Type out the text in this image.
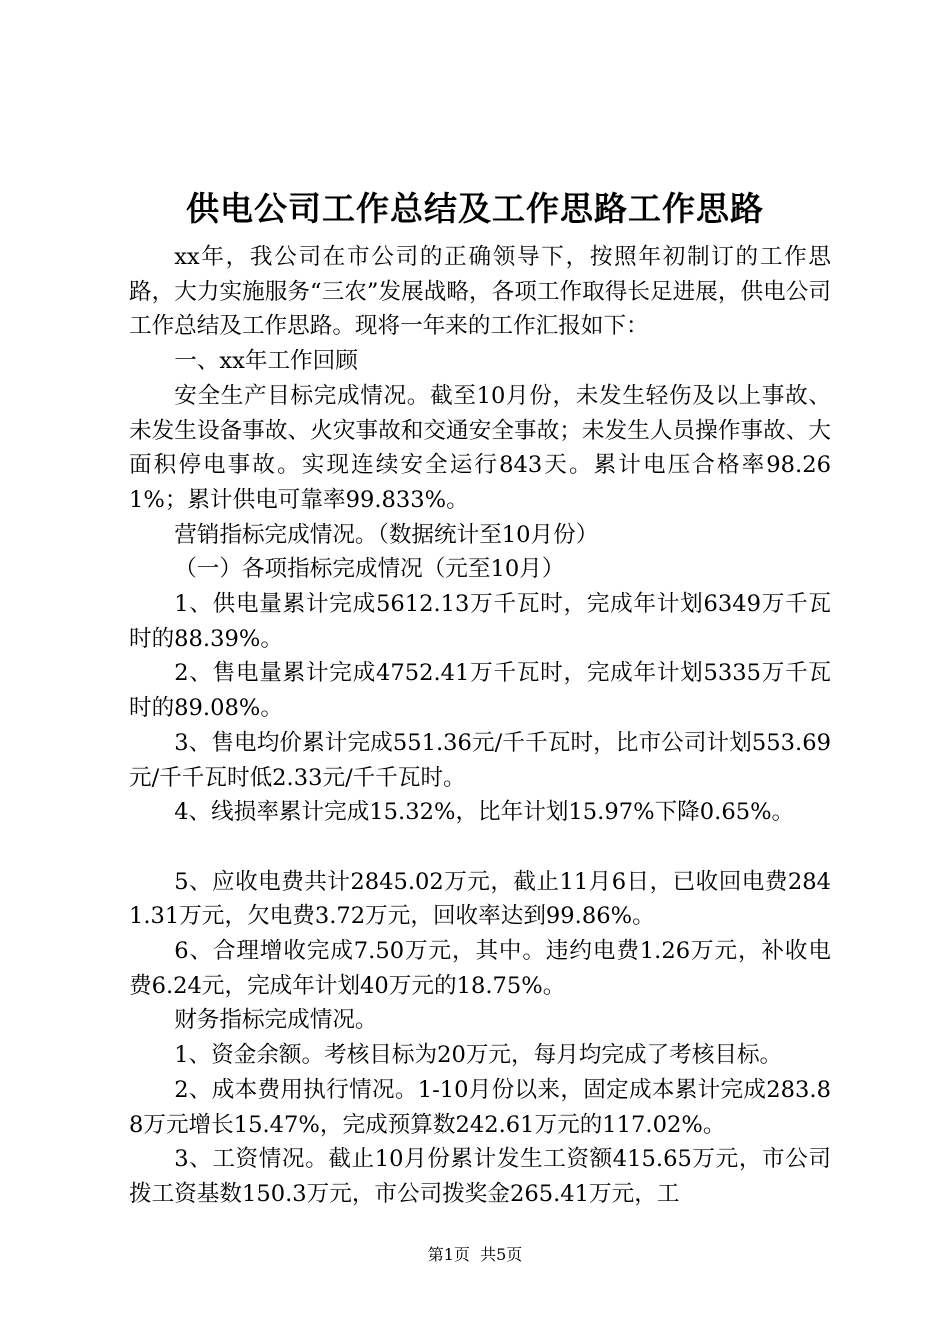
供电公司工作总结及工作思路工作思路

xx年，我公司在市公司的正确领导下，按照年初制订的工作思路，大力实施服务“三农”发展战略，各项工作取得长足进展，供电公司工作总结及工作思路。现将一年来的工作汇报如下：

一、xx年工作回顾

安全生产目标完成情况。截至10月份，未发生轻伤及以上事故、未发生设备事故、火灾事故和交通安全事故；未发生人员操作事故、大面积停电事故。实现连续安全运行843天。累计电压合格率98.261%；累计供电可靠率99.833%。

营销指标完成情况。（数据统计至10月份）

（一）各项指标完成情况（元至10月）

1、供电量累计完成5612.13万千瓦时，完成年计划6349万千瓦时的88.39%。

2、售电量累计完成4752.41万千瓦时，完成年计划5335万千瓦时的89.08%。

3、售电均价累计完成551.36元/千千瓦时，比市公司计划553.69元/千千瓦时低2.33元/千千瓦时。

4、线损率累计完成15.32%，比年计划15.97%下降0.65%。

5、应收电费共计2845.02万元，截止11月6日，已收回电费2841.31万元，欠电费3.72万元，回收率达到99.86%。

6、合理增收完成7.50万元，其中。违约电费1.26万元，补收电费6.24元，完成年计划40万元的18.75%。

财务指标完成情况。

1、资金余额。考核目标为20万元，每月均完成了考核目标。

2、成本费用执行情况。1-10月份以来，固定成本累计完成283.88万元增长15.47%，完成预算数242.61万元的117.02%。

3、工资情况。截止10月份累计发生工资额415.65万元，市公司拨工资基数150.3万元，市公司拨奖金265.41万元，工

第1页  共5页
